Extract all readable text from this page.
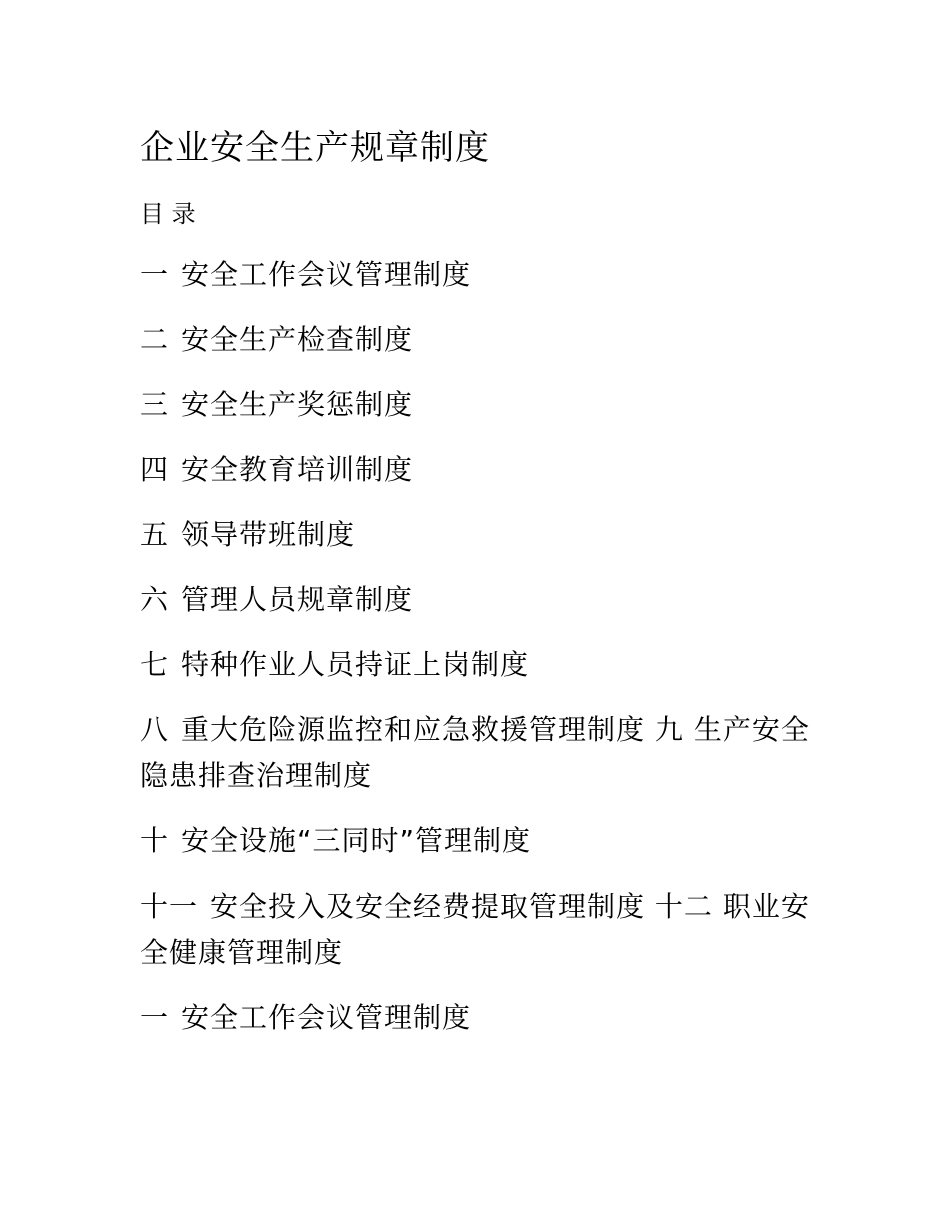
企业安全生产规章制度
目 录
一 安全工作会议管理制度
二 安全生产检查制度
三 安全生产奖惩制度
四 安全教育培训制度
五 领导带班制度
六 管理人员规章制度
七 特种作业人员持证上岗制度
八 重大危险源监控和应急救援管理制度 九 生产安全隐患排查治理制度
十 安全设施“三同时”管理制度
十一 安全投入及安全经费提取管理制度 十二 职业安全健康管理制度
一 安全工作会议管理制度
